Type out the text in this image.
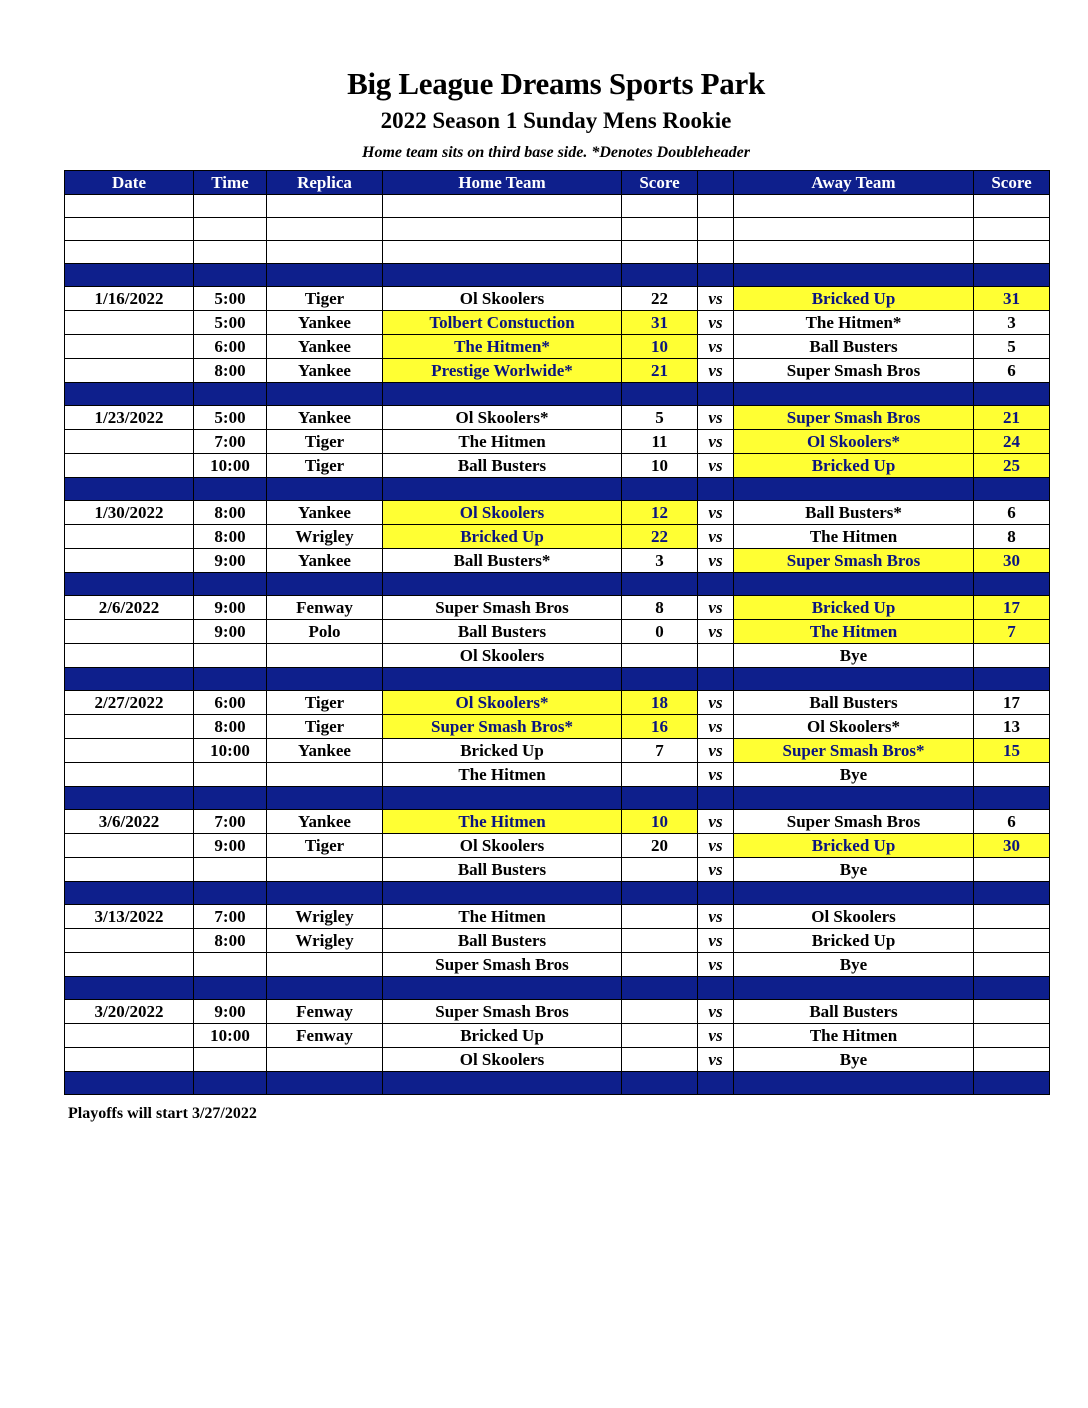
Big League Dreams Sports Park
2022 Season 1 Sunday Mens Rookie
Home team sits on third base side. *Denotes Doubleheader
Date	Time	Replica	Home Team	Score		Away Team	Score

1/16/2022	5:00	Tiger	Ol Skoolers	22	vs	Bricked Up	31
	5:00	Yankee	Tolbert Constuction	31	vs	The Hitmen*	3
	6:00	Yankee	The Hitmen*	10	vs	Ball Busters	5
	8:00	Yankee	Prestige Worlwide*	21	vs	Super Smash Bros	6

1/23/2022	5:00	Yankee	Ol Skoolers*	5	vs	Super Smash Bros	21
	7:00	Tiger	The Hitmen	11	vs	Ol Skoolers*	24
	10:00	Tiger	Ball Busters	10	vs	Bricked Up	25

1/30/2022	8:00	Yankee	Ol Skoolers	12	vs	Ball Busters*	6
	8:00	Wrigley	Bricked Up	22	vs	The Hitmen	8
	9:00	Yankee	Ball Busters*	3	vs	Super Smash Bros	30

2/6/2022	9:00	Fenway	Super Smash Bros	8	vs	Bricked Up	17
	9:00	Polo	Ball Busters	0	vs	The Hitmen	7
			Ol Skoolers			Bye	

2/27/2022	6:00	Tiger	Ol Skoolers*	18	vs	Ball Busters	17
	8:00	Tiger	Super Smash Bros*	16	vs	Ol Skoolers*	13
	10:00	Yankee	Bricked Up	7	vs	Super Smash Bros*	15
			The Hitmen		vs	Bye	

3/6/2022	7:00	Yankee	The Hitmen	10	vs	Super Smash Bros	6
	9:00	Tiger	Ol Skoolers	20	vs	Bricked Up	30
			Ball Busters		vs	Bye	

3/13/2022	7:00	Wrigley	The Hitmen		vs	Ol Skoolers	
	8:00	Wrigley	Ball Busters		vs	Bricked Up	
			Super Smash Bros		vs	Bye	

3/20/2022	9:00	Fenway	Super Smash Bros		vs	Ball Busters	
	10:00	Fenway	Bricked Up		vs	The Hitmen	
			Ol Skoolers		vs	Bye	

Playoffs will start 3/27/2022
